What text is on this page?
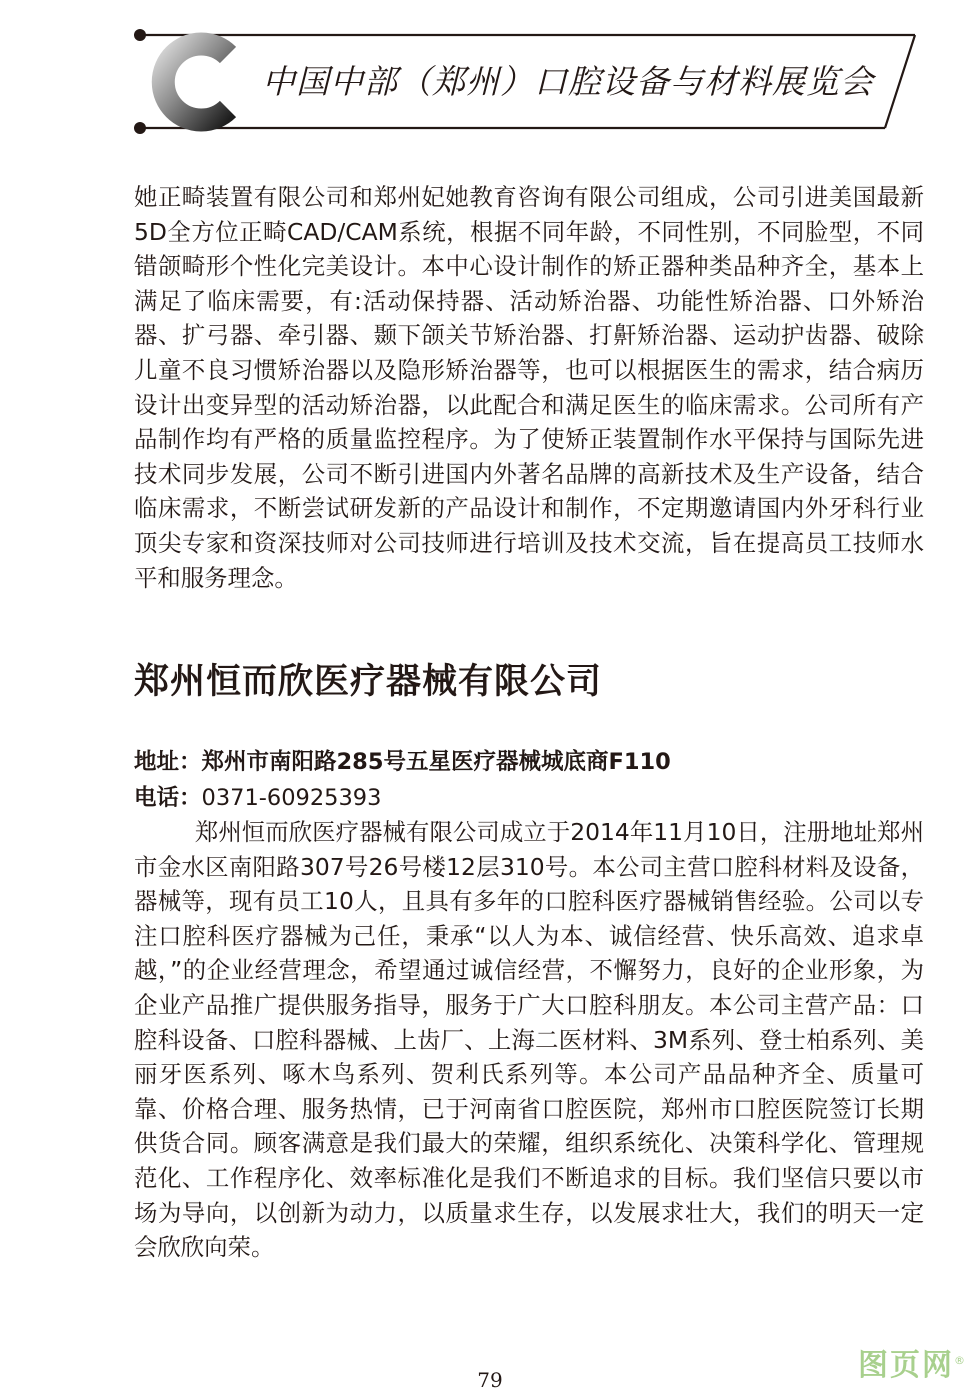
中国中部（郑州）口腔设备与材料展览会

她正畸装置有限公司和郑州妃她教育咨询有限公司组成，公司引进美国最新5D全方位正畸CAD/CAM系统，根据不同年龄，不同性别，不同脸型，不同错颌畸形个性化完美设计。本中心设计制作的矫正器种类品种齐全，基本上满足了临床需要，有:活动保持器、活动矫治器、功能性矫治器、口外矫治器、扩弓器、牵引器、颞下颌关节矫治器、打鼾矫治器、运动护齿器、破除儿童不良习惯矫治器以及隐形矫治器等，也可以根据医生的需求，结合病历设计出变异型的活动矫治器，以此配合和满足医生的临床需求。公司所有产品制作均有严格的质量监控程序。为了使矫正装置制作水平保持与国际先进技术同步发展，公司不断引进国内外著名品牌的高新技术及生产设备，结合临床需求，不断尝试研发新的产品设计和制作，不定期邀请国内外牙科行业顶尖专家和资深技师对公司技师进行培训及技术交流，旨在提高员工技师水平和服务理念。

郑州恒而欣医疗器械有限公司
地址：郑州市南阳路285号五星医疗器械城底商F110
电话：0371-60925393

郑州恒而欣医疗器械有限公司成立于2014年11月10日，注册地址郑州市金水区南阳路307号26号楼12层310号。本公司主营口腔科材料及设备，器械等，现有员工10人，且具有多年的口腔科医疗器械销售经验。公司以专注口腔科医疗器械为己任，秉承“以人为本、诚信经营、快乐高效、追求卓越，”的企业经营理念，希望通过诚信经营，不懈努力，良好的企业形象，为企业产品推广提供服务指导，服务于广大口腔科朋友。本公司主营产品：口腔科设备、口腔科器械、上齿厂、上海二医材料、3M系列、登士柏系列、美丽牙医系列、啄木鸟系列、贺利氏系列等。本公司产品品种齐全、质量可靠、价格合理、服务热情，已于河南省口腔医院，郑州市口腔医院签订长期供货合同。顾客满意是我们最大的荣耀，组织系统化、决策科学化、管理规范化、工作程序化、效率标准化是我们不断追求的目标。我们坚信只要以市场为导向，以创新为动力，以质量求生存，以发展求壮大，我们的明天一定会欣欣向荣。

79	图页网®
